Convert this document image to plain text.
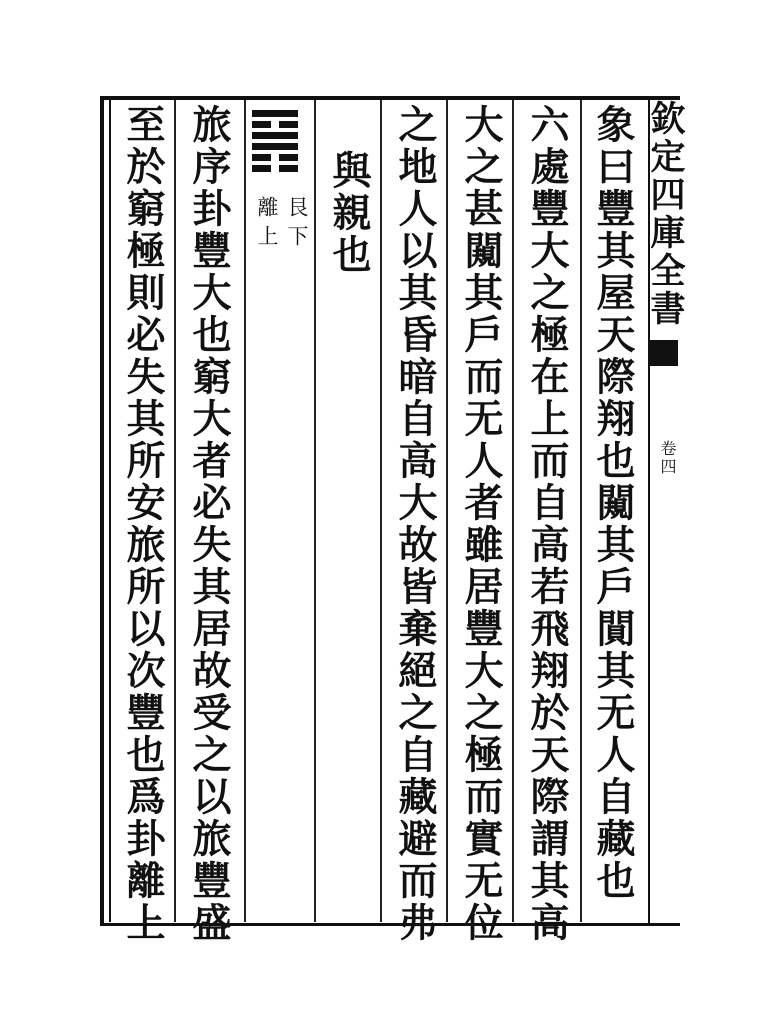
欽定四庫全書
卷四
象曰豐其屋天際翔也闚其戶閴其无人自藏也
六處豐大之極在上而自高若飛翔於天際謂其高
大之甚闚其戶而无人者雖居豐大之極而實无位
之地人以其昏暗自高大故皆棄絕之自藏避而弗
與親也
艮下
離上
旅序卦豐大也窮大者必失其居故受之以旅豐盛
至於窮極則必失其所安旅所以次豐也爲卦離上
